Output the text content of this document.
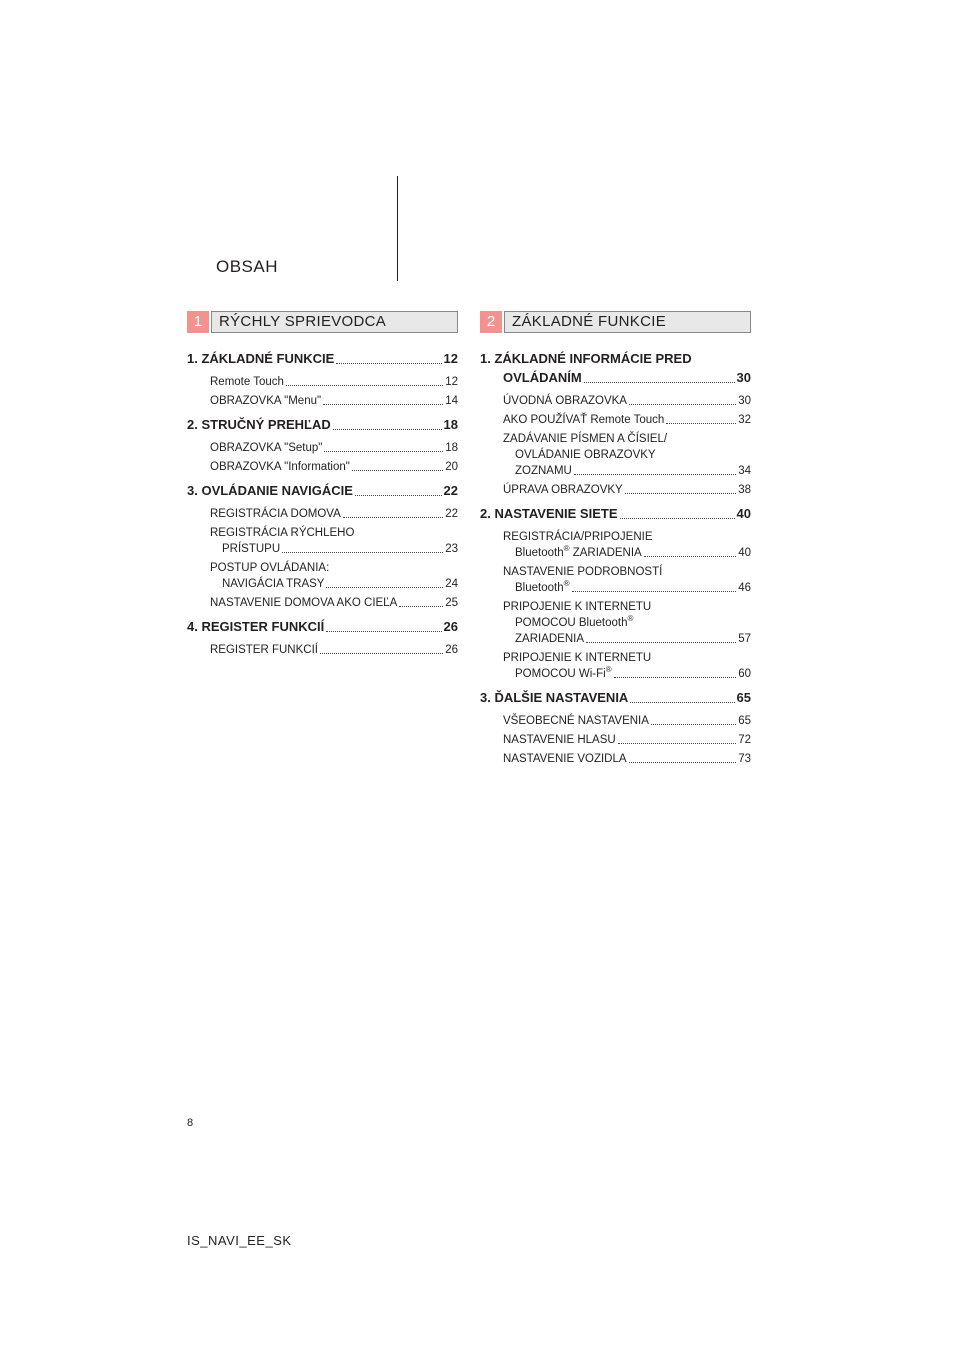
OBSAH
1	RÝCHLY SPRIEVODCA
1. ZÁKLADNÉ FUNKCIE	12
Remote Touch	12
OBRAZOVKA "Menu"	14
2. STRUČNÝ PREHĽAD	18
OBRAZOVKA "Setup"	18
OBRAZOVKA "Information"	20
3. OVLÁDANIE NAVIGÁCIE	22
REGISTRÁCIA DOMOVA	22
REGISTRÁCIA RÝCHLEHO
PRÍSTUPU	23
POSTUP OVLÁDANIA:
NAVIGÁCIA TRASY	24
NASTAVENIE DOMOVA AKO CIEĽA	25
4. REGISTER FUNKCIÍ	26
REGISTER FUNKCIÍ	26
2	ZÁKLADNÉ FUNKCIE
1. ZÁKLADNÉ INFORMÁCIE PRED
OVLÁDANÍM	30
ÚVODNÁ OBRAZOVKA	30
AKO POUŽÍVAŤ Remote Touch	32
ZADÁVANIE PÍSMEN A ČÍSIEL/
OVLÁDANIE OBRAZOVKY
ZOZNAMU	34
ÚPRAVA OBRAZOVKY	38
2. NASTAVENIE SIETE	40
REGISTRÁCIA/PRIPOJENIE
Bluetooth® ZARIADENIA	40
NASTAVENIE PODROBNOSTÍ
Bluetooth®	46
PRIPOJENIE K INTERNETU
POMOCOU Bluetooth®
ZARIADENIA	57
PRIPOJENIE K INTERNETU
POMOCOU Wi-Fi®	60
3. ĎALŠIE NASTAVENIA	65
VŠEOBECNÉ NASTAVENIA	65
NASTAVENIE HLASU	72
NASTAVENIE VOZIDLA	73
8
IS_NAVI_EE_SK
